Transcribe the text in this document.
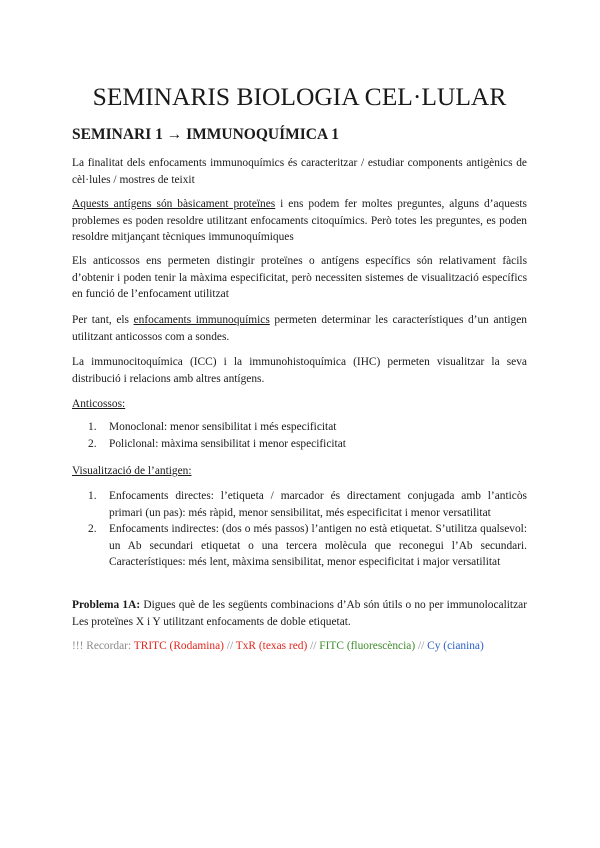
SEMINARIS BIOLOGIA CEL·LULAR
SEMINARI 1 → IMMUNOQUÍMICA 1

La finalitat dels enfocaments immunoquímics és caracteritzar / estudiar components antigènics de cèl·lules / mostres de teixit

Aquests antígens són bàsicament proteïnes i ens podem fer moltes preguntes, alguns d’aquests problemes es poden resoldre utilitzant enfocaments citoquímics. Però totes les preguntes, es poden resoldre mitjançant tècniques immunoquímiques

Els anticossos ens permeten distingir proteïnes o antígens específics són relativament fàcils d’obtenir i poden tenir la màxima especificitat, però necessiten sistemes de visualització específics en funció de l’enfocament utilitzat

Per tant, els enfocaments immunoquímics permeten determinar les característiques d’un antigen utilitzant anticossos com a sondes.

La immunocitoquímica (ICC) i la immunohistoquímica (IHC) permeten visualitzar la seva distribució i relacions amb altres antígens.

Anticossos:
1. Monoclonal: menor sensibilitat i més especificitat
2. Policlonal: màxima sensibilitat i menor especificitat
Visualització de l’antigen:
1. Enfocaments directes: l’etiqueta / marcador és directament conjugada amb l’anticòs primari (un pas): més ràpid, menor sensibilitat, més especificitat i menor versatilitat
2. Enfocaments indirectes: (dos o més passos) l’antigen no està etiquetat. S’utilitza qualsevol: un Ab secundari etiquetat o una tercera molècula que reconegui l’Ab secundari. Característiques: més lent, màxima sensibilitat, menor especificitat i major versatilitat

Problema 1A: Digues què de les següents combinacions d’Ab són útils o no per immunolocalitzar Les proteïnes X i Y utilitzant enfocaments de doble etiquetat.

!!! Recordar: TRITC (Rodamina) // TxR (texas red) // FITC (fluorescència) // Cy (cianina)
